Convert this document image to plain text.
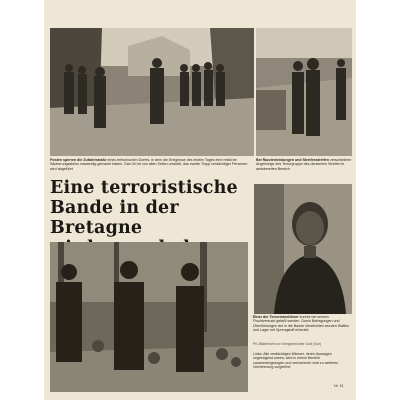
Posten sperren die Zufahrtstraße eines bretonischen Dorfes, in dem die Ereignisse des letzten Tages eine restliche Säuberungsaktion notwendig gemacht haben. Das Ort ist von allen Seiten umstellt, das zweite Trupp verdächtiger Personen wird abgeführt

Bei Razzienleistungen und Streifenstreifen verschiedene Angehörige des Terrorgruppe des deutschen Streifen in amtsbereiten Bereich

Eine terroristische
Bande in der Bretagne

Einer der Terroristenführer konnte bei seinem Fluchtversuch gefaßt werden. Durch Befragungen und Überführungen der in die Bande Verstrickten wurden Waffen und Lager mit Sprengstoff erbeutet

PK-Bildbericht von Kriegsberichter Graf (Sch)

Links: Alle verdächtigen Männer, deren Aussagen ungenügend waren, wird in einem Bereich zusammengezogen und vernommen wird zu weiteren Vernehmung vorgeführt

Nr. 51
